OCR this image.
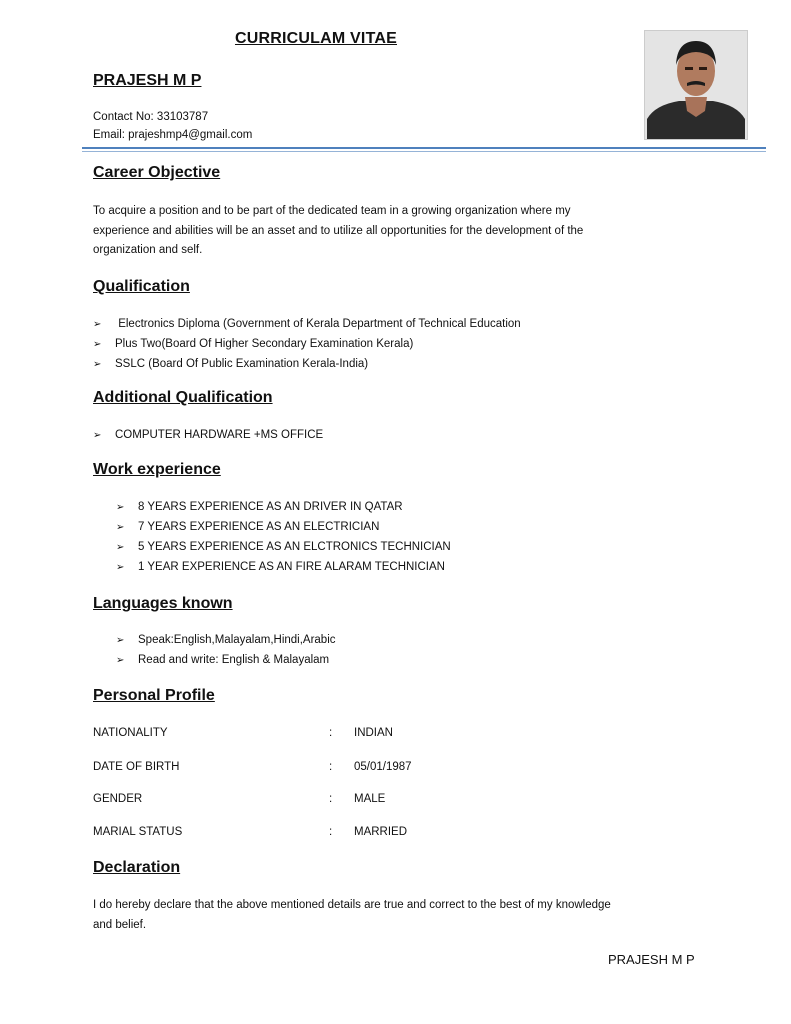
CURRICULAM VITAE
PRAJESH M P
Contact No: 33103787
Email: prajeshmp4@gmail.com
Career Objective
To acquire a position and to be part of the dedicated team in a growing organization where my
experience and abilities will be an asset and to utilize all opportunities for the development of the
organization and self.
Qualification
➢ Electronics Diploma (Government of Kerala Department of Technical Education
➢ Plus Two(Board Of Higher Secondary Examination Kerala)
➢ SSLC (Board Of Public Examination Kerala-India)
Additional Qualification
➢ COMPUTER HARDWARE +MS OFFICE
Work experience
➢ 8 YEARS EXPERIENCE AS AN DRIVER IN QATAR
➢ 7 YEARS EXPERIENCE AS AN ELECTRICIAN
➢ 5 YEARS EXPERIENCE AS AN ELCTRONICS TECHNICIAN
➢ 1 YEAR EXPERIENCE AS AN FIRE ALARAM TECHNICIAN
Languages known
➢ Speak:English,Malayalam,Hindi,Arabic
➢ Read and write: English & Malayalam
Personal Profile
NATIONALITY	: INDIAN
DATE OF BIRTH	: 05/01/1987
GENDER	: MALE
MARIAL STATUS	: MARRIED
Declaration
I do hereby declare that the above mentioned details are true and correct to the best of my knowledge
and belief.
PRAJESH M P
